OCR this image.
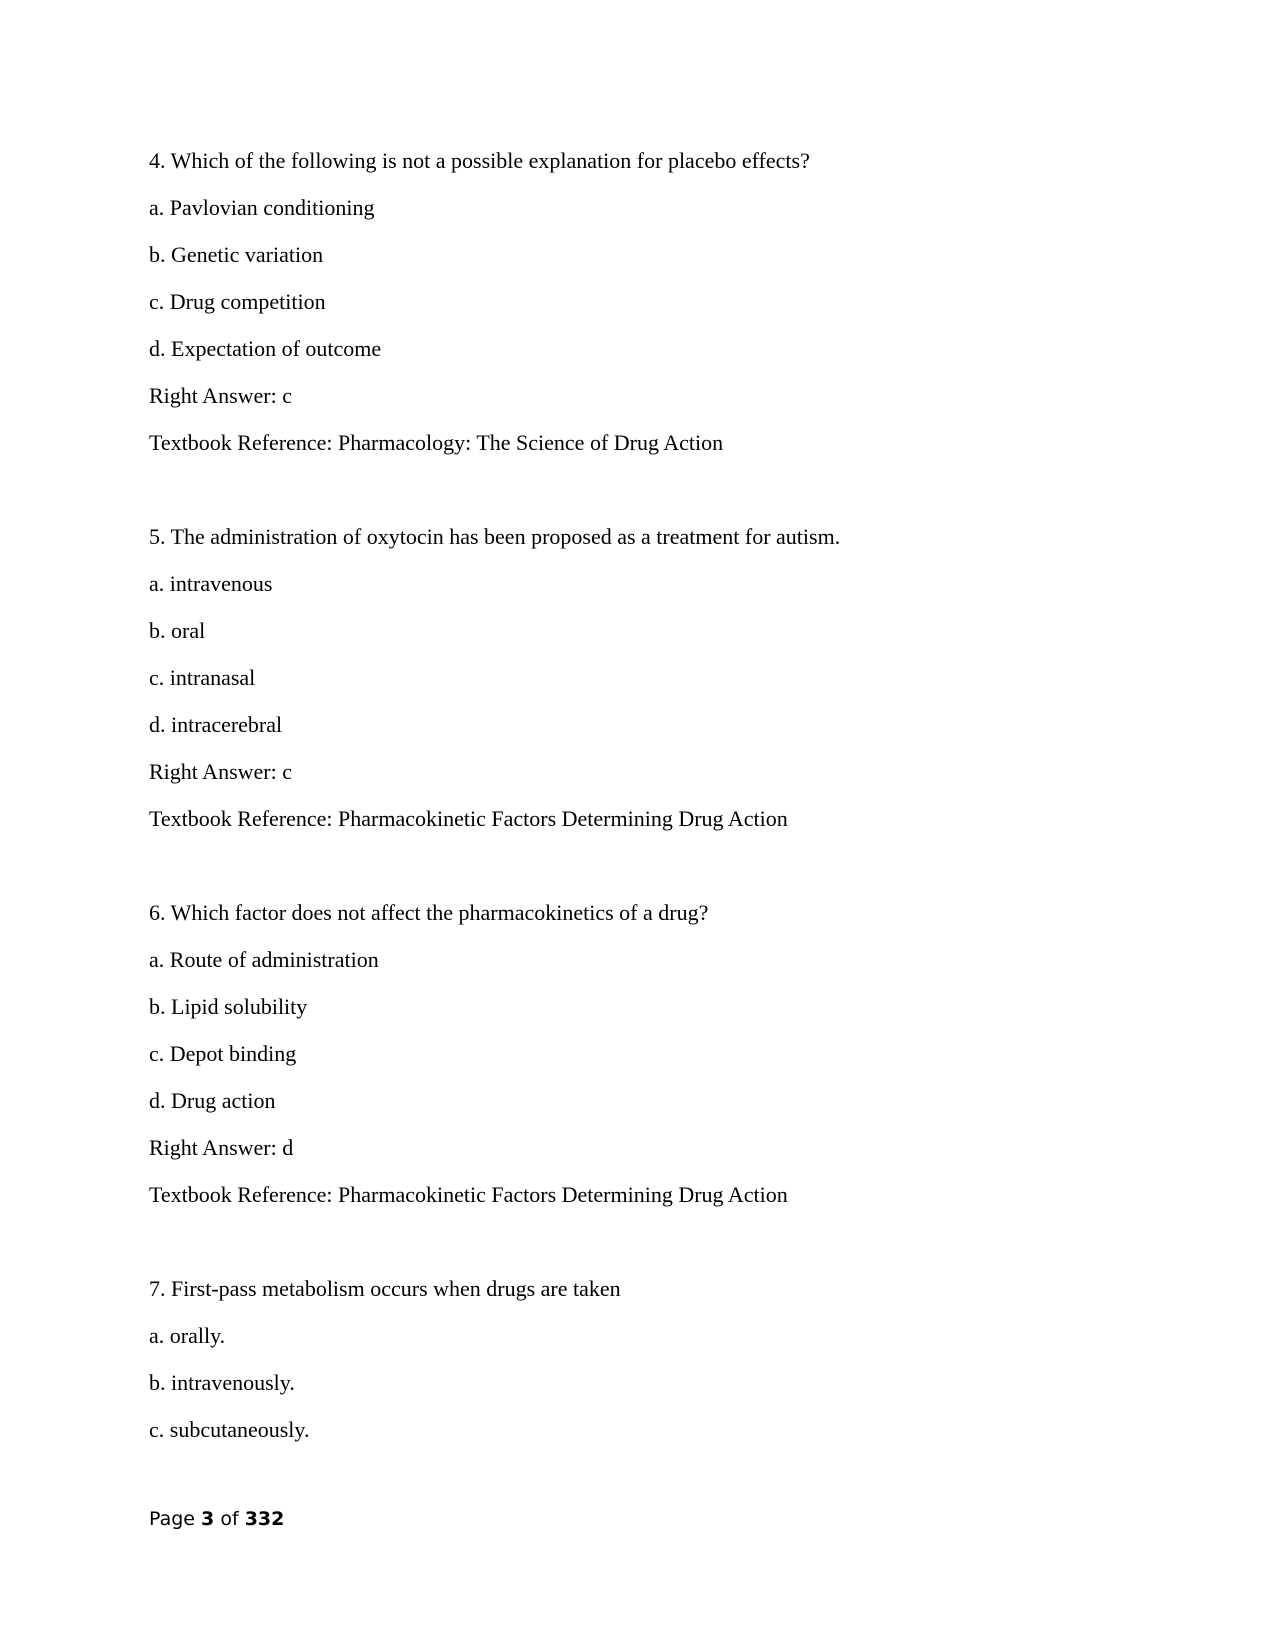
4. Which of the following is not a possible explanation for placebo effects?
a. Pavlovian conditioning
b. Genetic variation
c. Drug competition
d. Expectation of outcome
Right Answer: c
Textbook Reference: Pharmacology: The Science of Drug Action
5. The administration of oxytocin has been proposed as a treatment for autism.
a. intravenous
b. oral
c. intranasal
d. intracerebral
Right Answer: c
Textbook Reference: Pharmacokinetic Factors Determining Drug Action
6. Which factor does not affect the pharmacokinetics of a drug?
a. Route of administration
b. Lipid solubility
c. Depot binding
d. Drug action
Right Answer: d
Textbook Reference: Pharmacokinetic Factors Determining Drug Action
7. First-pass metabolism occurs when drugs are taken
a. orally.
b. intravenously.
c. subcutaneously.
Page 3 of 332
